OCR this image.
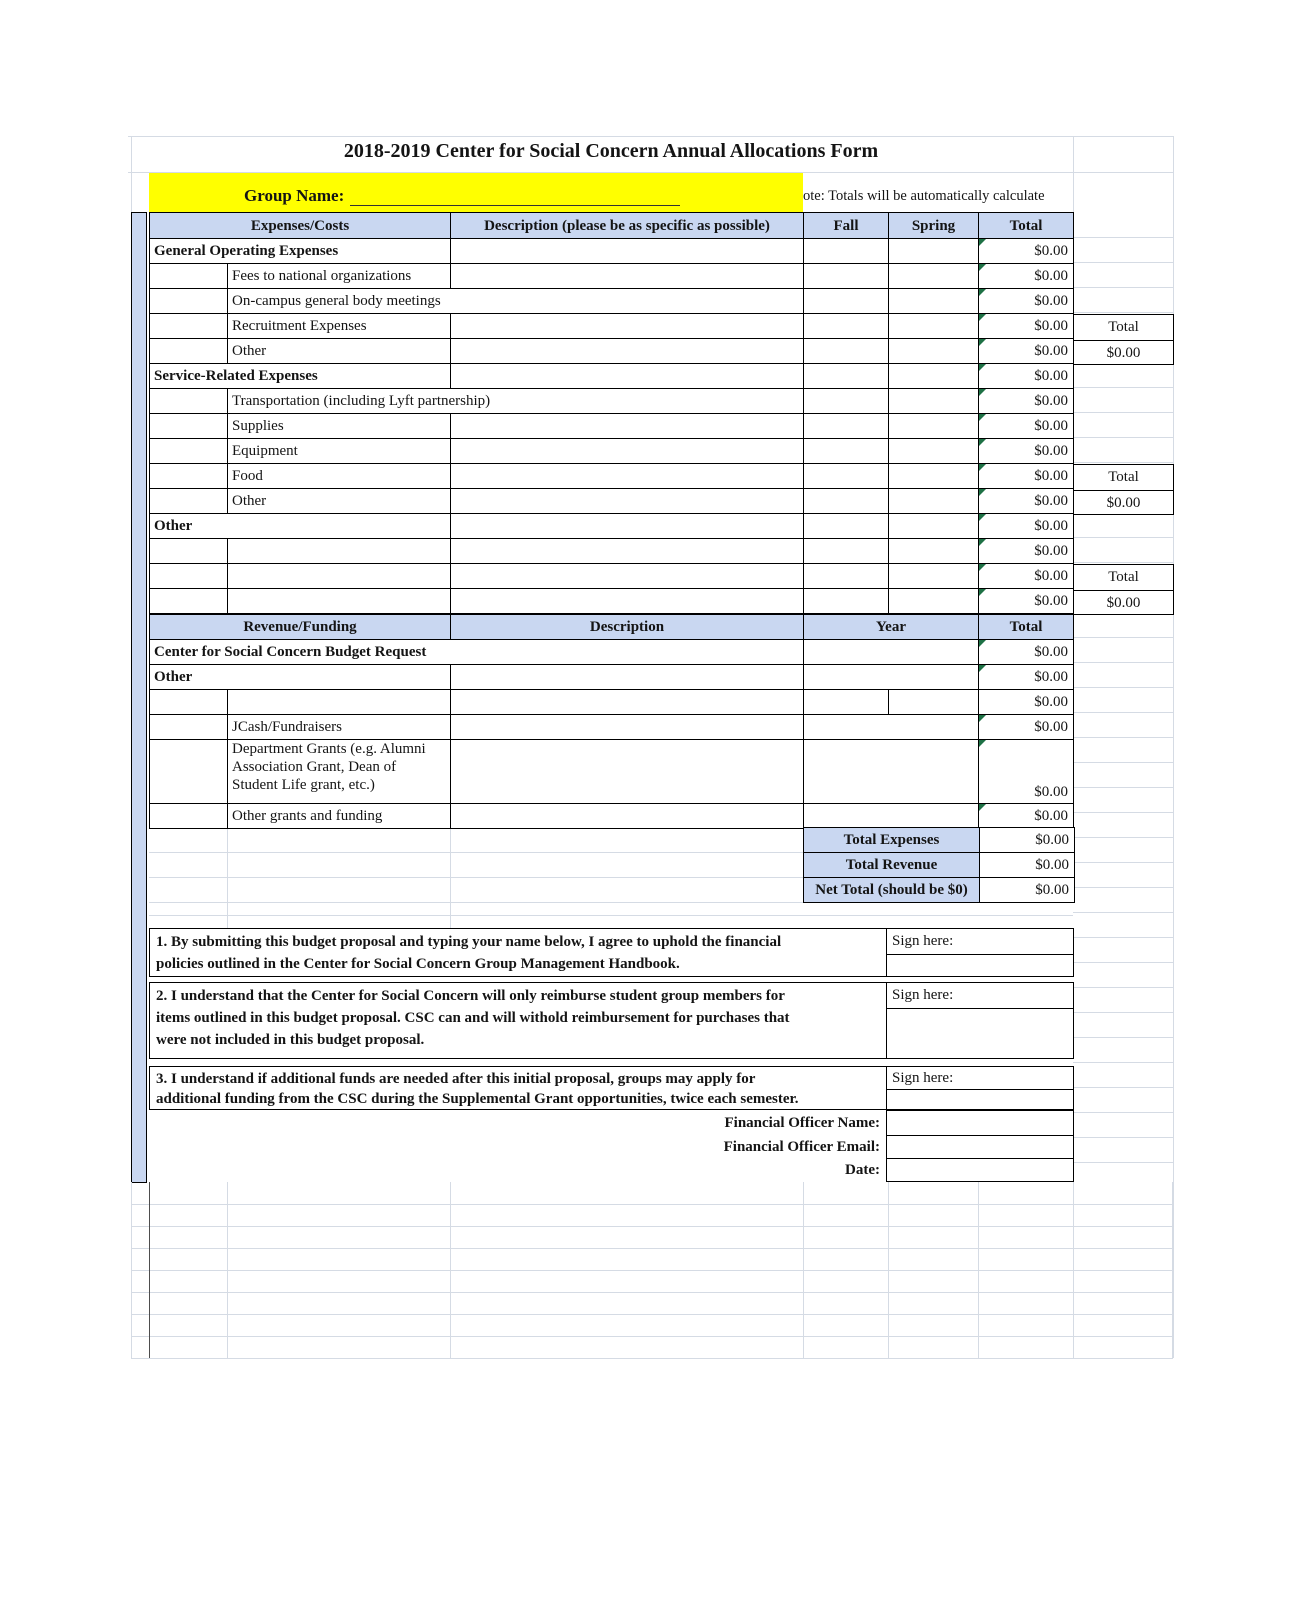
2018-2019 Center for Social Concern Annual Allocations Form
Group Name:	ote: Totals will be automatically calculate
Expenses/Costs	Description (please be as specific as possible)	Fall	Spring	Total
General Operating Expenses	$0.00
Fees to national organizations	$0.00
On-campus general body meetings	$0.00
Recruitment Expenses	$0.00
Other	$0.00
Service-Related Expenses	$0.00
Transportation (including Lyft partnership)	$0.00
Supplies	$0.00
Equipment	$0.00
Food	$0.00
Other	$0.00
Other	$0.00
$0.00
$0.00
$0.00
Revenue/Funding	Description	Year	Total
Center for Social Concern Budget Request	$0.00
Other	$0.00
$0.00
JCash/Fundraisers	$0.00
Department Grants (e.g. Alumni
Association Grant, Dean of
Student Life grant, etc.)	$0.00
Other grants and funding	$0.00
Total
$0.00
Total
$0.00
Total
$0.00
Total Expenses	$0.00
Total Revenue	$0.00
Net Total (should be $0)	$0.00
1. By submitting this budget proposal and typing your name below, I agree to uphold the financial
policies outlined in the Center for Social Concern Group Management Handbook.
Sign here:
2. I understand that the Center for Social Concern will only reimburse student group members for
items outlined in this budget proposal. CSC can and will withold reimbursement for purchases that
were not included in this budget proposal.
Sign here:
3. I understand if additional funds are needed after this initial proposal, groups may apply for
additional funding from the CSC during the Supplemental Grant opportunities, twice each semester.
Sign here:
Financial Officer Name:
Financial Officer Email:
Date:
